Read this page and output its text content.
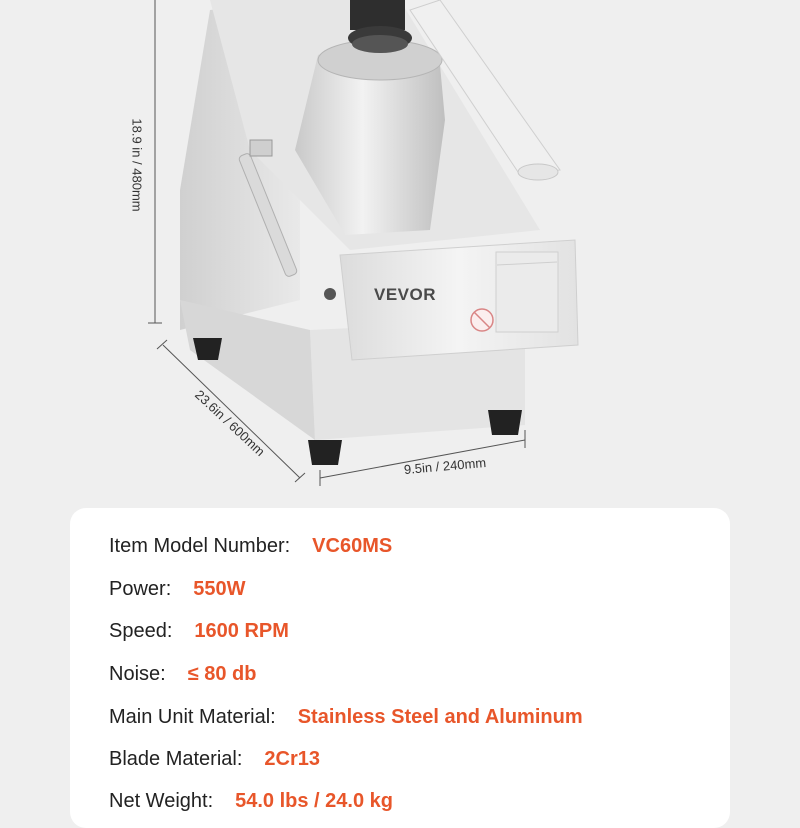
18.9 in / 480mm
23.6in / 600mm
9.5in / 240mm
VEVOR
Item Model Number: VC60MS
Power: 550W
Speed: 1600 RPM
Noise: ≤ 80 db
Main Unit Material: Stainless Steel and Aluminum
Blade Material: 2Cr13
Net Weight: 54.0 lbs / 24.0 kg
